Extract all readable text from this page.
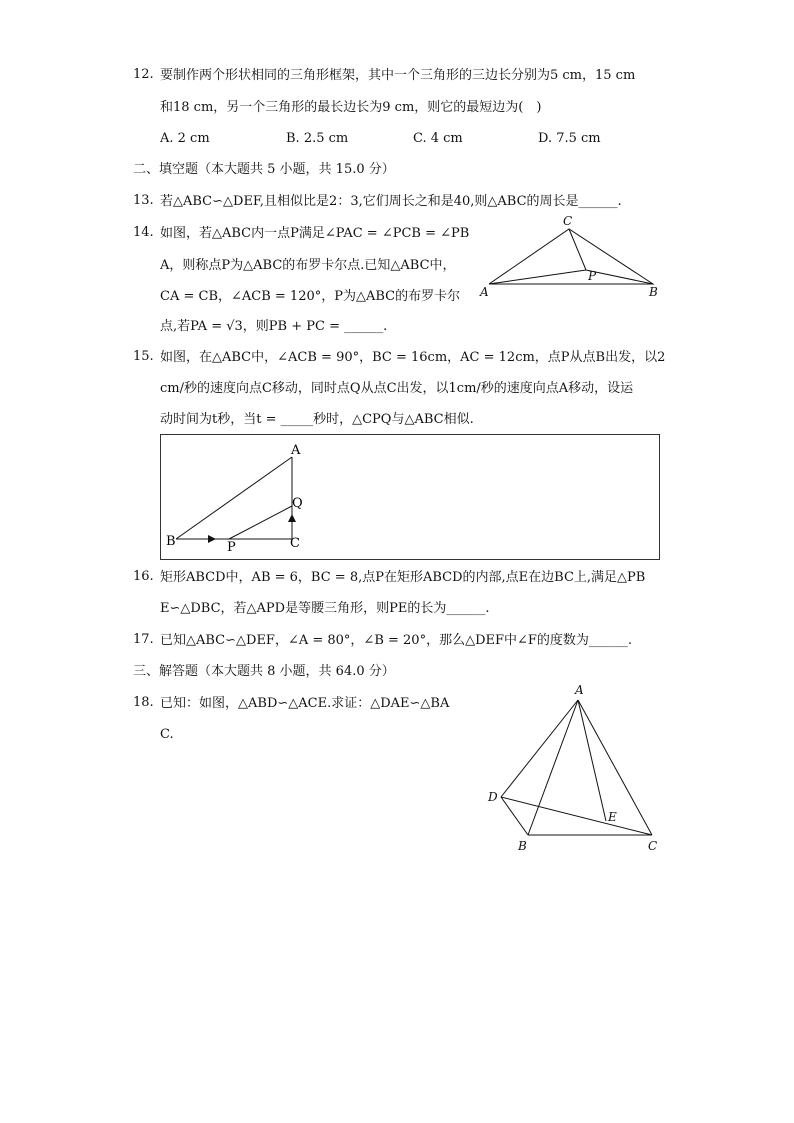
12. 要制作两个形状相同的三角形框架，其中一个三角形的三边长分别为5 cm，15 cm
和18 cm，另一个三角形的最长边长为9 cm，则它的最短边为(　)
A. 2 cm	B. 2.5 cm	C. 4 cm	D. 7.5 cm
二、填空题（本大题共 5 小题，共 15.0 分）
13. 若△ABC∽△DEF,且相似比是2：3,它们周长之和是40,则△ABC的周长是______.
14. 如图，若△ABC内一点P满足∠PAC = ∠PCB = ∠PB
A，则称点P为△ABC的布罗卡尔点.已知△ABC中，
CA = CB，∠ACB = 120°，P为△ABC的布罗卡尔
点,若PA = √3，则PB + PC = ______.
A	B
C
P
15. 如图，在△ABC中，∠ACB = 90°，BC = 16cm，AC = 12cm，点P从点B出发，以2
cm/秒的速度向点C移动，同时点Q从点C出发，以1cm/秒的速度向点A移动，设运
动时间为t秒，当t = _____秒时，△CPQ与△ABC相似.
B	P	C
Q
A
16. 矩形ABCD中，AB = 6，BC = 8,点P在矩形ABCD的内部,点E在边BC上,满足△PB
E∽△DBC，若△APD是等腰三角形，则PE的长为______.
17. 已知△ABC∽△DEF，∠A = 80°，∠B = 20°，那么△DEF中∠F的度数为______.
三、解答题（本大题共 8 小题，共 64.0 分）
18. 已知：如图，△ABD∽△ACE.求证：△DAE∽△BA
C.
A
D
E
B	C
